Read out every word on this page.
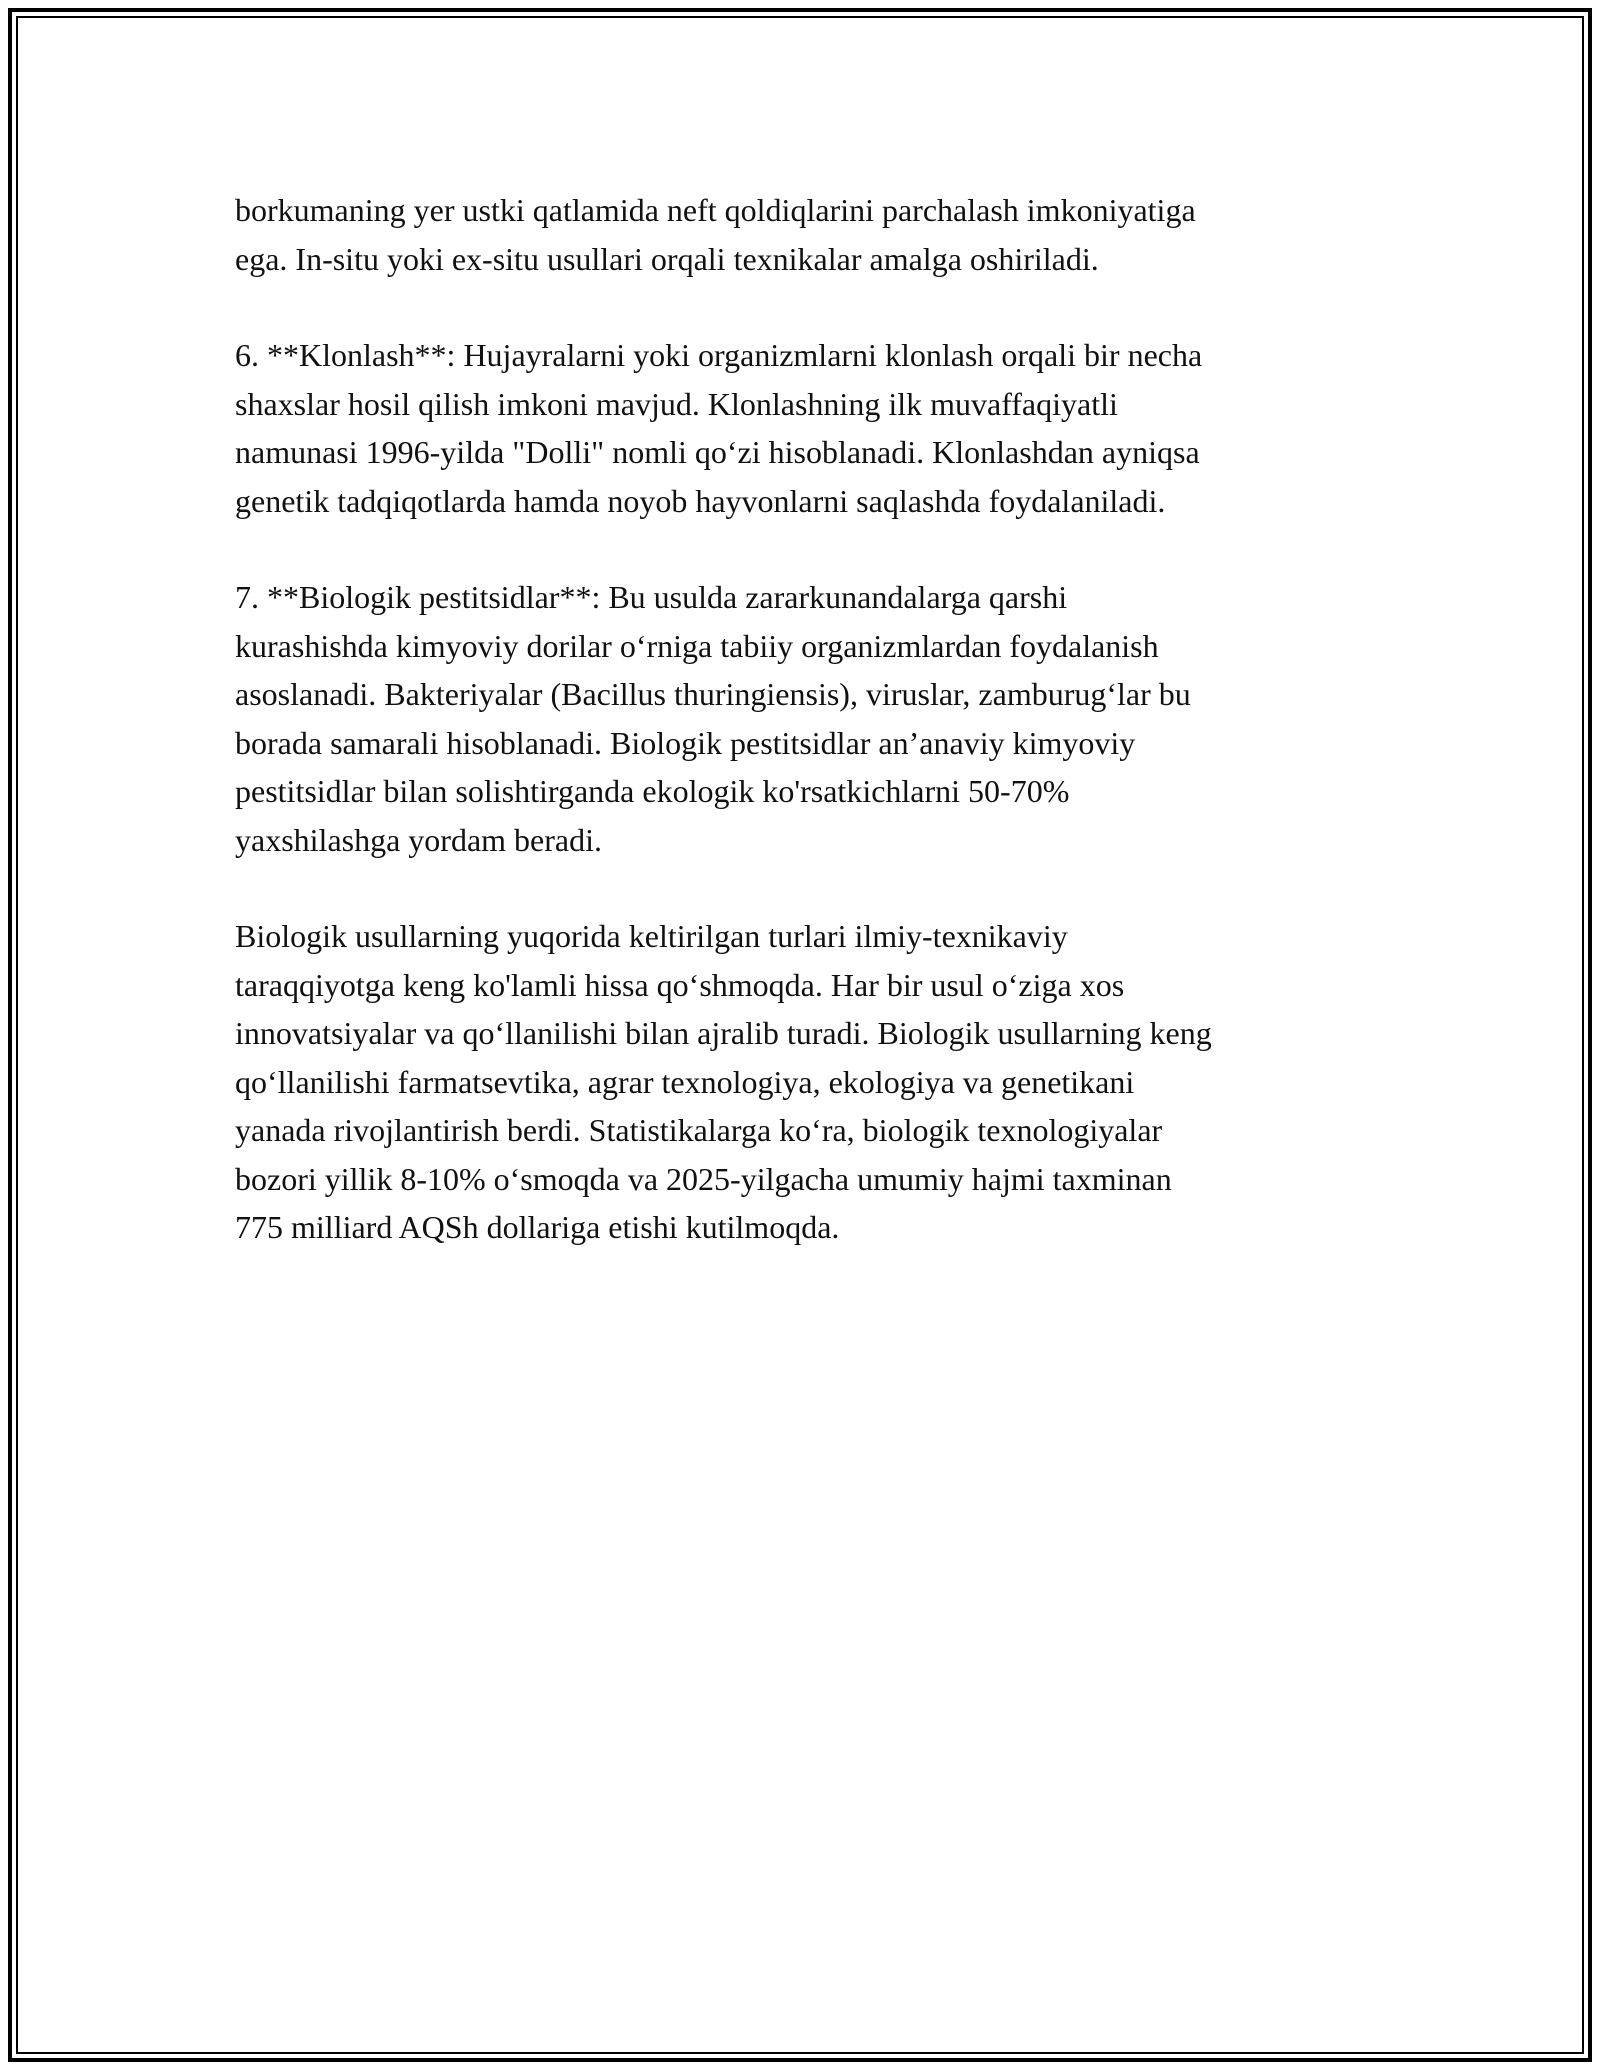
borkumaning yer ustki qatlamida neft qoldiqlarini parchalash imkoniyatiga
ega. In-situ yoki ex-situ usullari orqali texnikalar amalga oshiriladi.

6. **Klonlash**: Hujayralarni yoki organizmlarni klonlash orqali bir necha
shaxslar hosil qilish imkoni mavjud. Klonlashning ilk muvaffaqiyatli
namunasi 1996-yilda "Dolli" nomli qoʻzi hisoblanadi. Klonlashdan ayniqsa
genetik tadqiqotlarda hamda noyob hayvonlarni saqlashda foydalaniladi.

7. **Biologik pestitsidlar**: Bu usulda zararkunandalarga qarshi
kurashishda kimyoviy dorilar oʻrniga tabiiy organizmlardan foydalanish
asoslanadi. Bakteriyalar (Bacillus thuringiensis), viruslar, zamburugʻlar bu
borada samarali hisoblanadi. Biologik pestitsidlar an’anaviy kimyoviy
pestitsidlar bilan solishtirganda ekologik ko'rsatkichlarni 50-70%
yaxshilashga yordam beradi.

Biologik usullarning yuqorida keltirilgan turlari ilmiy-texnikaviy
taraqqiyotga keng ko'lamli hissa qoʻshmoqda. Har bir usul oʻziga xos
innovatsiyalar va qoʻllanilishi bilan ajralib turadi. Biologik usullarning keng
qoʻllanilishi farmatsevtika, agrar texnologiya, ekologiya va genetikani
yanada rivojlantirish berdi. Statistikalarga koʻra, biologik texnologiyalar
bozori yillik 8-10% oʻsmoqda va 2025-yilgacha umumiy hajmi taxminan
775 milliard AQSh dollariga etishi kutilmoqda.
